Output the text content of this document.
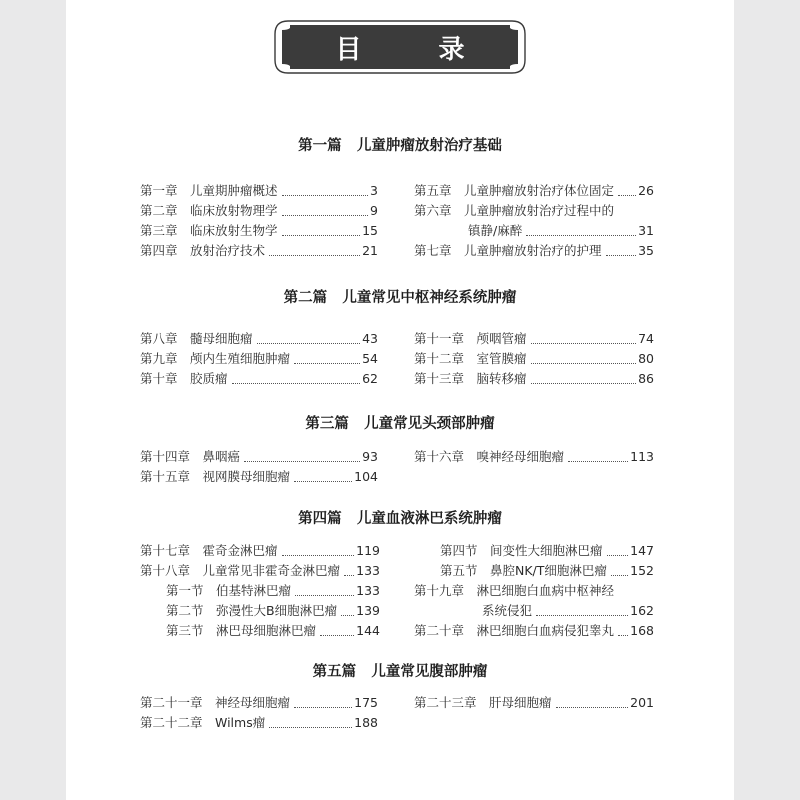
目 录
第一篇   儿童肿瘤放射治疗基础
第一章　儿童期肿瘤概述	3
第二章　临床放射物理学	9
第三章　临床放射生物学	15
第四章　放射治疗技术	21
第五章　儿童肿瘤放射治疗体位固定 26
第六章　儿童肿瘤放射治疗过程中的
镇静/麻醉	31
第七章　儿童肿瘤放射治疗的护理	35
第二篇   儿童常见中枢神经系统肿瘤
第八章　髓母细胞瘤	43
第九章　颅内生殖细胞肿瘤	54
第十章　胶质瘤	62
第十一章　颅咽管瘤	74
第十二章　室管膜瘤	80
第十三章　脑转移瘤	86
第三篇   儿童常见头颈部肿瘤
第十四章　鼻咽癌	93
第十五章　视网膜母细胞瘤	104
第十六章　嗅神经母细胞瘤	113
第四篇   儿童血液淋巴系统肿瘤
第十七章　霍奇金淋巴瘤	119
第十八章　儿童常见非霍奇金淋巴瘤 133
第一节　伯基特淋巴瘤	133
第二节　弥漫性大B细胞淋巴瘤 139
第三节　淋巴母细胞淋巴瘤	144
第四节　间变性大细胞淋巴瘤 147
第五节　鼻腔NK/T细胞淋巴瘤 152
第十九章　淋巴细胞白血病中枢神经
系统侵犯	162
第二十章　淋巴细胞白血病侵犯睾丸 168
第五篇   儿童常见腹部肿瘤
第二十一章　神经母细胞瘤	175
第二十二章　Wilms瘤	188
第二十三章　肝母细胞瘤	201
